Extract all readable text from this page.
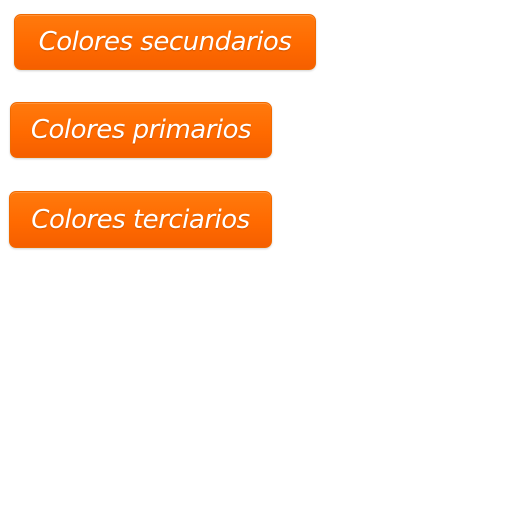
Colores secundarios
Colores primarios
Colores terciarios
